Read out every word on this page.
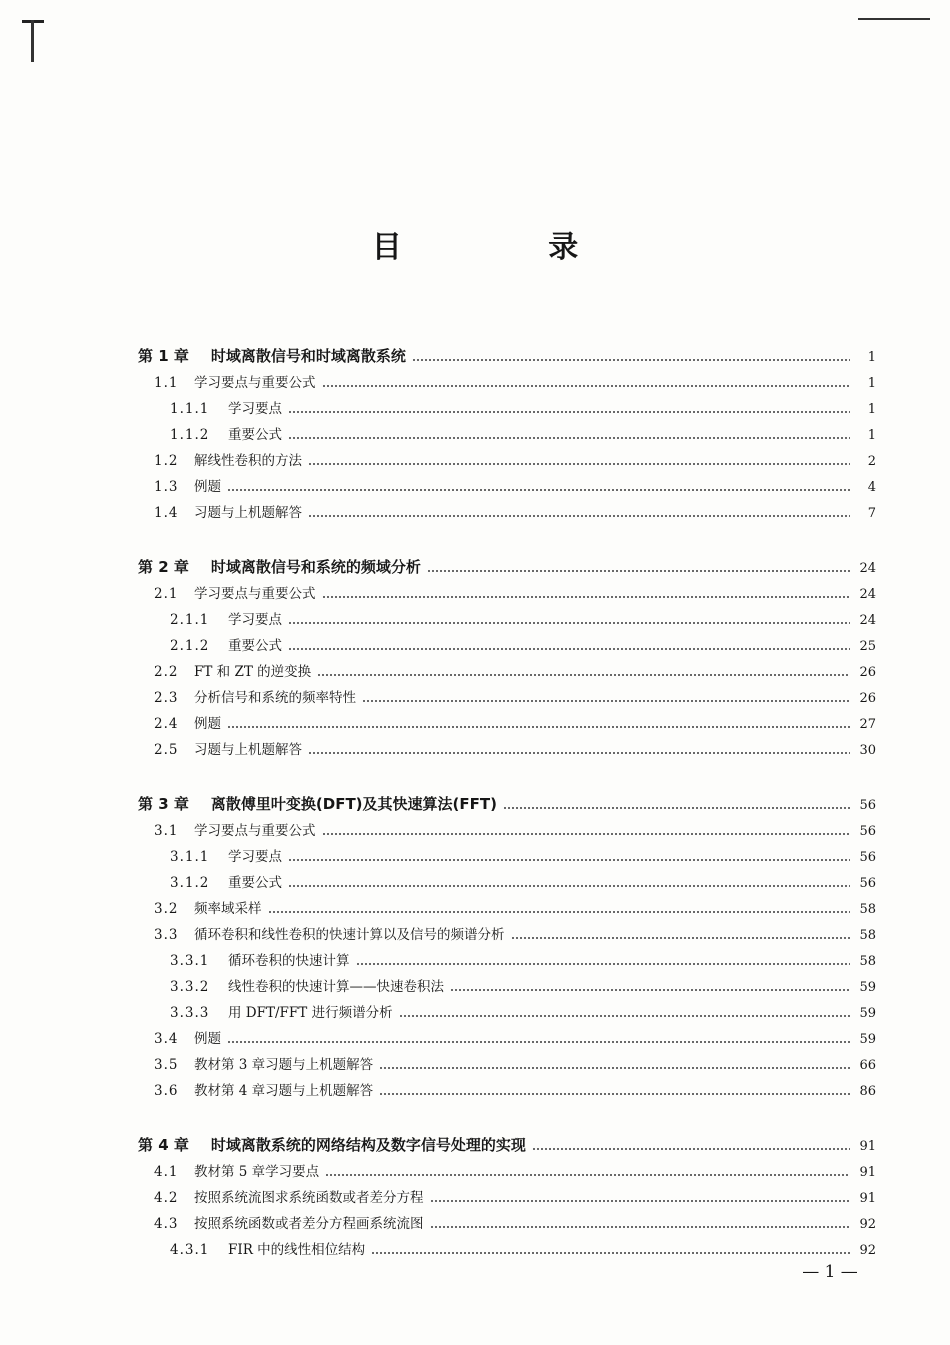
目 录
第 1 章 时域离散信号和时域离散系统	1
1.1	学习要点与重要公式	1
1.1.1	学习要点	1
1.1.2	重要公式	1
1.2	解线性卷积的方法	2
1.3	例题	4
1.4	习题与上机题解答	7
第 2 章 时域离散信号和系统的频域分析	24
2.1	学习要点与重要公式	24
2.1.1	学习要点	24
2.1.2	重要公式	25
2.2	FT 和 ZT 的逆变换	26
2.3	分析信号和系统的频率特性	26
2.4	例题	27
2.5	习题与上机题解答	30
第 3 章 离散傅里叶变换(DFT)及其快速算法(FFT)	56
3.1	学习要点与重要公式	56
3.1.1	学习要点	56
3.1.2	重要公式	56
3.2	频率域采样	58
3.3	循环卷积和线性卷积的快速计算以及信号的频谱分析	58
3.3.1	循环卷积的快速计算	58
3.3.2	线性卷积的快速计算——快速卷积法	59
3.3.3	用 DFT/FFT 进行频谱分析	59
3.4	例题	59
3.5	教材第 3 章习题与上机题解答	66
3.6	教材第 4 章习题与上机题解答	86
第 4 章 时域离散系统的网络结构及数字信号处理的实现	91
4.1	教材第 5 章学习要点	91
4.2	按照系统流图求系统函数或者差分方程	91
4.3	按照系统函数或者差分方程画系统流图	92
4.3.1	FIR 中的线性相位结构	92
— 1 —
